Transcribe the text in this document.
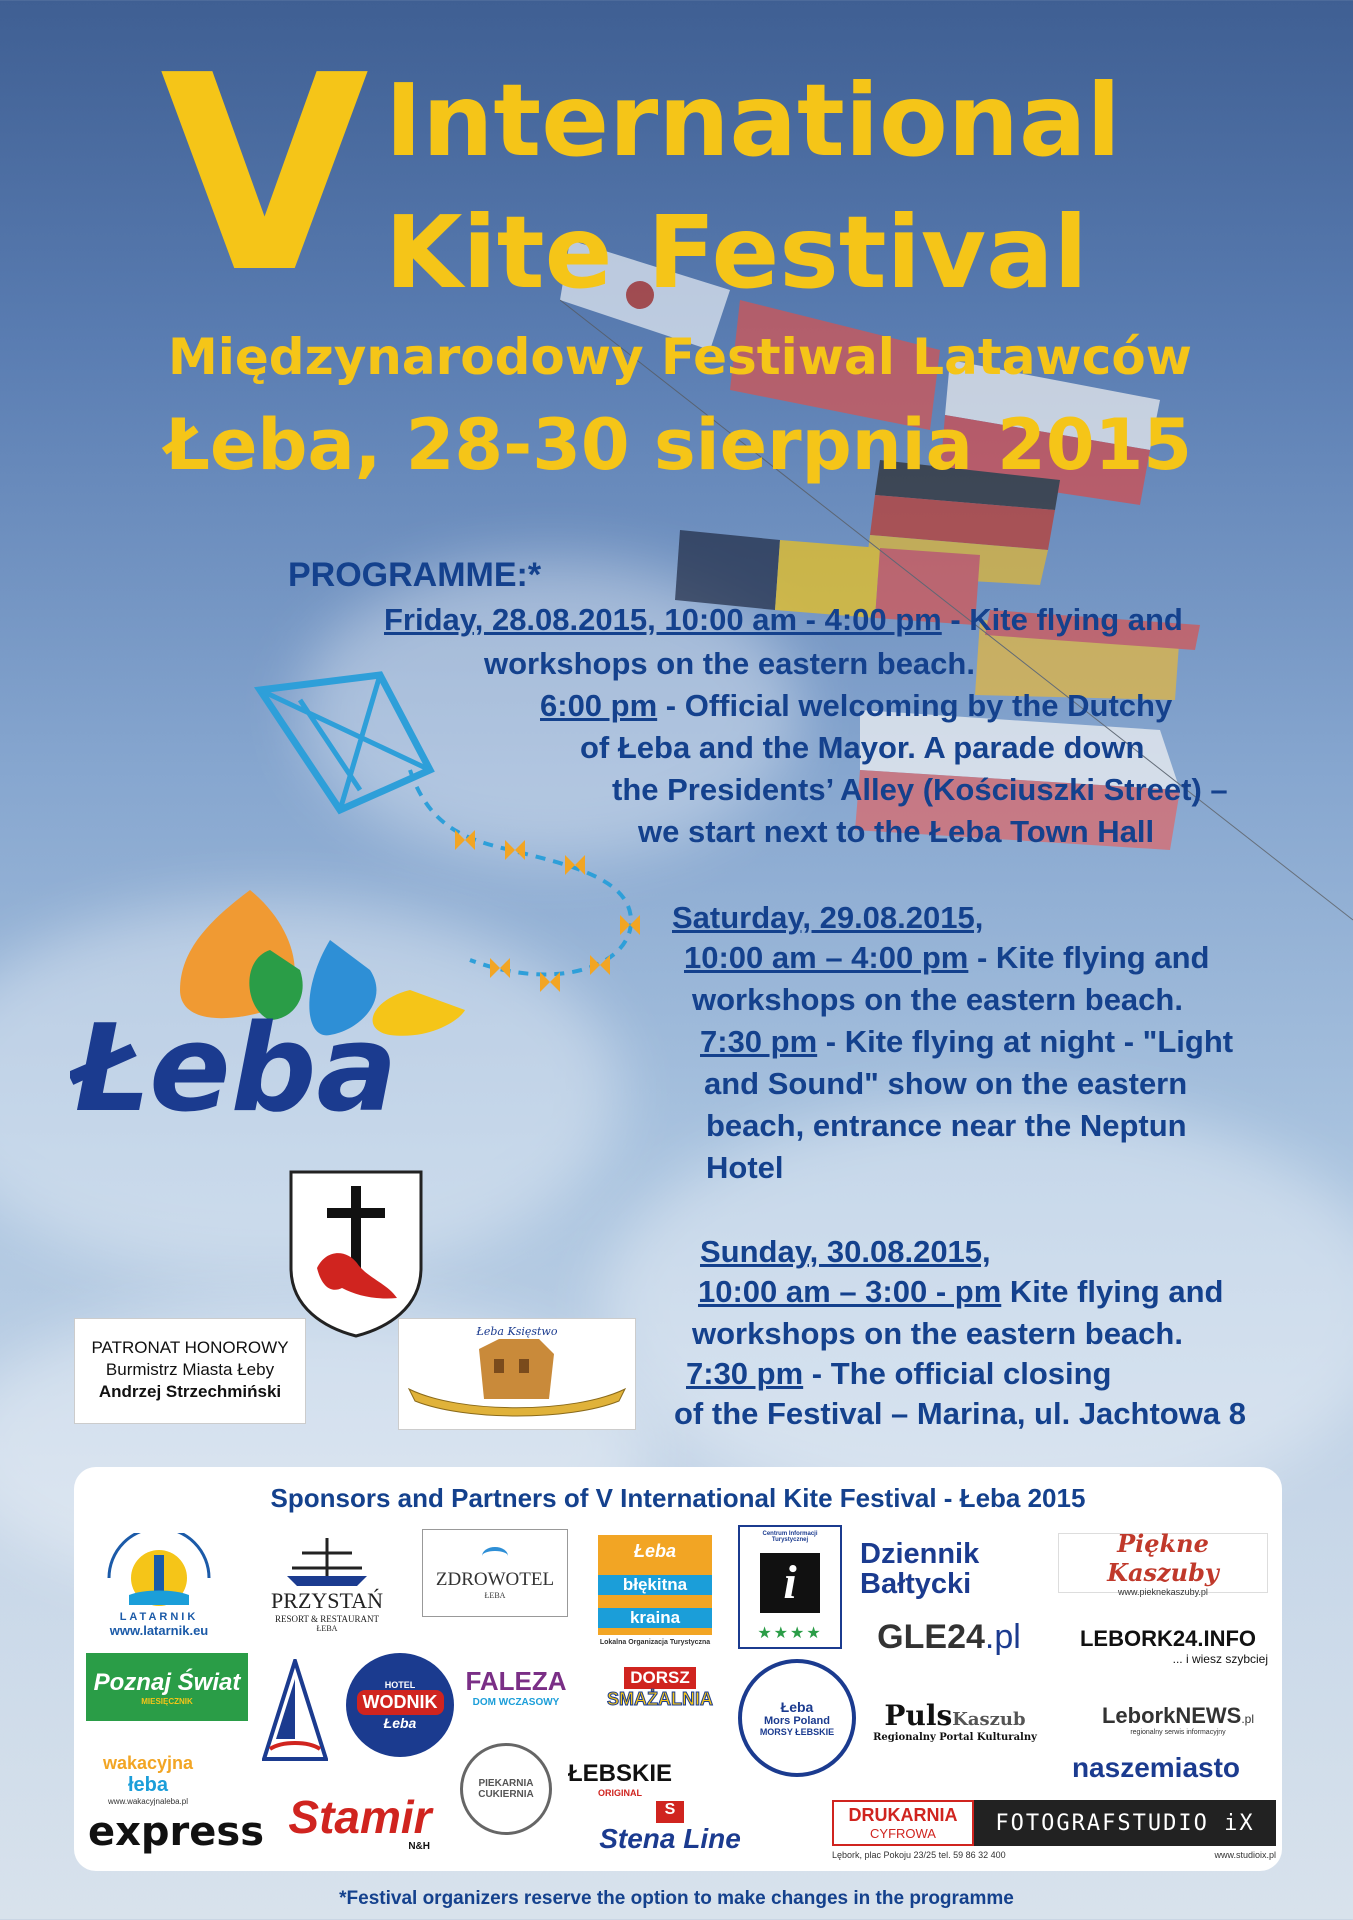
V International
Kite Festival
Międzynarodowy Festiwal Latawców
Łeba, 28-30 sierpnia 2015
PROGRAMME:*
Friday, 28.08.2015, 10:00 am - 4:00 pm - Kite flying and
workshops on the eastern beach.
6:00 pm - Official welcoming by the Dutchy
of Łeba and the Mayor. A parade down
the Presidents’ Alley (Kościuszki Street) –
we start next to the Łeba Town Hall
Saturday, 29.08.2015,
10:00 am – 4:00 pm - Kite flying and
workshops on the eastern beach.
7:30 pm - Kite flying at night - "Light
and Sound" show on the eastern
beach, entrance near the Neptun
Hotel
Sunday, 30.08.2015,
10:00 am – 3:00 - pm Kite flying and
workshops on the eastern beach.
7:30 pm - The official closing
of the Festival – Marina, ul. Jachtowa 8
Łeba
PATRONAT HONOROWY
Burmistrz Miasta Łeby
Andrzej Strzechmiński
Łeba Księstwo
Sponsors and Partners of V International Kite Festival - Łeba 2015
LATARNIK
www.latarnik.eu
PRZYSTAŃ
RESORT & RESTAURANT
ŁEBA
ZDROWOTEL
ŁEBA
Łeba
błękitna
kraina
Lokalna Organizacja Turystyczna
Centrum Informacji Turystycznej
i
★★★★
Dziennik
Bałtycki
Piękne Kaszuby
www.pieknekaszuby.pl
GLE24 .pl	LEBORK24.INFO
... i wiesz szybciej
Poznaj Świat
MIESIĘCZNIK
HOTEL
WODNIK
Łeba
FALEZA
DOM WCZASOWY
DORSZ
SMAŻALNIA	Łeba
Mors Poland
MORSY ŁEBSKIE PulsKaszub
Regionalny Portal Kulturalny
LeborkNEWS.pl
regionalny serwis informacyjny
naszemiasto
wakacyjna
łeba
www.wakacyjnaleba.pl
PIEKARNIA
CUKIERNIA
ŁEBSKIE
ORIGINAL
express Stamir
N&H
S
Stena Line
DRUKARNIA
CYFROWA	FOTOGRAFSTUDIO iX
Lębork, plac Pokoju 23/25 tel. 59 86 32 400	www.studioix.pl
*Festival organizers reserve the option to make changes in the programme
